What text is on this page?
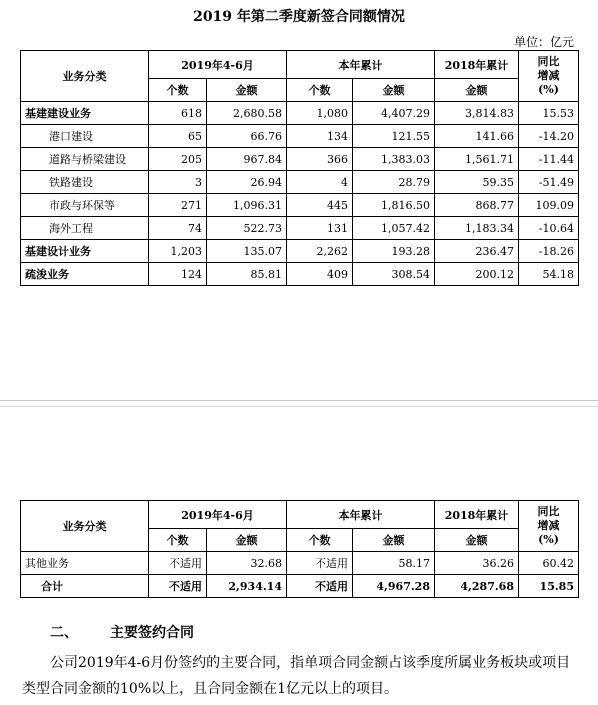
2019 年第二季度新签合同额情况
单位：亿元
业务分类	2019年4-6月		本年累计		2018年累计	同比
增减
(%)

	个数	金额	个数	金额	金额	
基建建设业务	618	2,680.58	1,080	4,407.29	3,814.83	15.53
港口建设	65	66.76	134	121.55	141.66	-14.20
道路与桥梁建设	205	967.84	366	1,383.03	1,561.71	-11.44
铁路建设	3	26.94	4	28.79	59.35	-51.49
市政与环保等	271	1,096.31	445	1,816.50	868.77	109.09
海外工程	74	522.73	131	1,057.42	1,183.34	-10.64
基建设计业务	1,203	135.07	2,262	193.28	236.47	-18.26
疏浚业务	124	85.81	409	308.54	200.12	54.18
业务分类	2019年4-6月		本年累计		2018年累计	同比
增减
(%)

	个数	金额	个数	金额	金额	
其他业务	不适用	32.68	不适用	58.17	36.26	60.42
合计	不适用	2,934.14	不适用	4,967.28	4,287.68	15.85
二、 主要签约合同
公司2019年4-6月份签约的主要合同，指单项合同金额占该季度所属业务板块或项目类型合同金额的10%以上，且合同金额在1亿元以上的项目。
